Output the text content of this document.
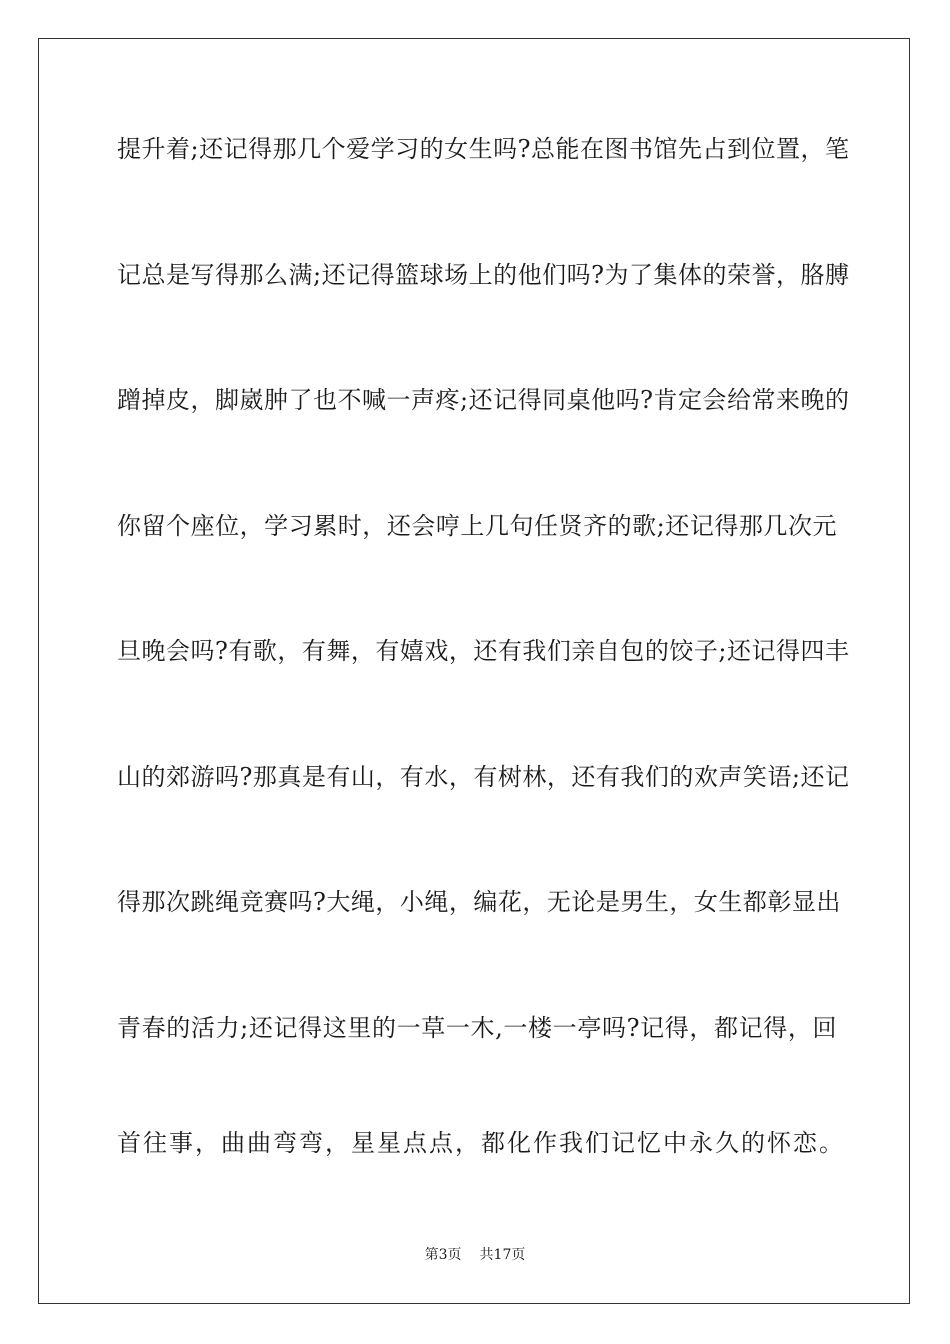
提升着;还记得那几个爱学习的女生吗?总能在图书馆先占到位置，笔
记总是写得那么满;还记得篮球场上的他们吗?为了集体的荣誉，胳膊
蹭掉皮，脚崴肿了也不喊一声疼;还记得同桌他吗?肯定会给常来晚的
你留个座位，学习累时，还会哼上几句任贤齐的歌;还记得那几次元
旦晚会吗?有歌，有舞，有嬉戏，还有我们亲自包的饺子;还记得四丰
山的郊游吗?那真是有山，有水，有树林，还有我们的欢声笑语;还记
得那次跳绳竞赛吗?大绳，小绳，编花，无论是男生，女生都彰显出
青春的活力;还记得这里的一草一木,一楼一亭吗?记得，都记得，回
首往事，曲曲弯弯，星星点点，都化作我们记忆中永久的怀恋。
第3页 共17页
